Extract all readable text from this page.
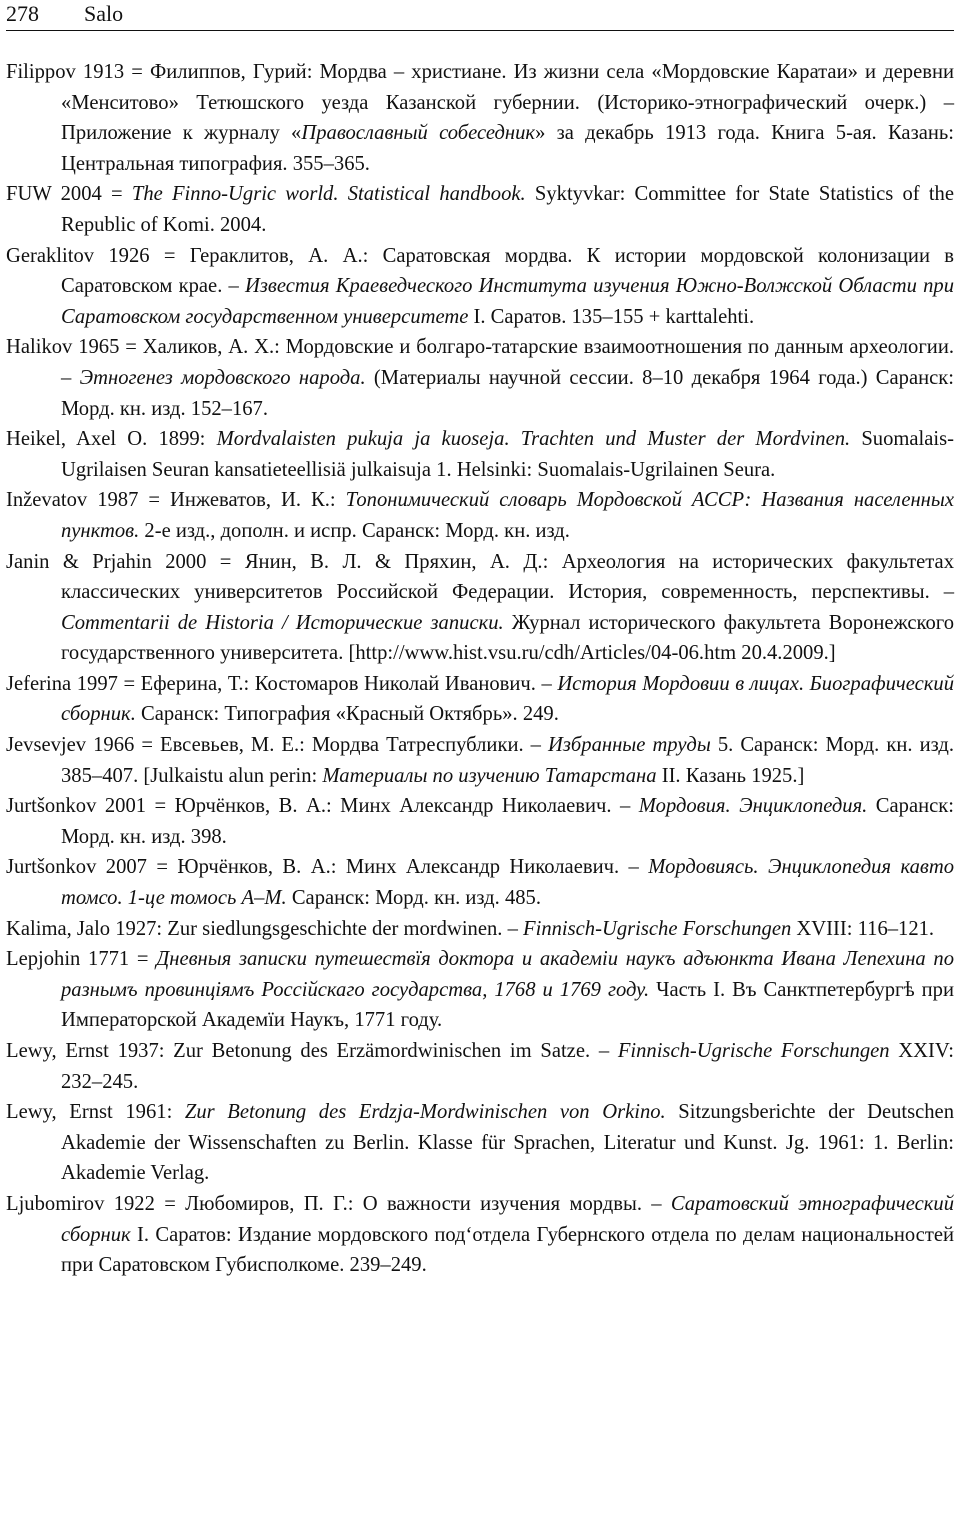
278 Salo
Filippov 1913 = Филиппов, Гурий: Мордва – христиане. Из жизни села «Мордовские Каратаи» и деревни «Менситово» Тетюшского уезда Казанской губернии. (Историко-этнографический очерк.) – Приложение к журналу «Православный собеседник» за декабрь 1913 года. Книга 5-ая. Казань: Центральная типография. 355–365.
FUW 2004 = The Finno-Ugric world. Statistical handbook. Syktyvkar: Committee for State Statistics of the Republic of Komi. 2004.
Geraklitov 1926 = Гераклитов, А. А.: Саратовская мордва. К истории мордовской колонизации в Саратовском крае. – Известия Краеведческого Института изучения Южно-Волжской Области при Саратовском государственном университете I. Саратов. 135–155 + karttalehti.
Halikov 1965 = Халиков, А. Х.: Мордовские и болгаро-татарские взаимоотношения по данным археологии. – Этногенез мордовского народа. (Материалы научной сессии. 8–10 декабря 1964 года.) Саранск: Морд. кн. изд. 152–167.
Heikel, Axel O. 1899: Mordvalaisten pukuja ja kuoseja. Trachten und Muster der Mordvinen. Suomalais-Ugrilaisen Seuran kansatieteellisiä julkaisuja 1. Helsinki: Suomalais-Ugrilainen Seura.
Inževatov 1987 = Инжеватов, И. К.: Топонимический словарь Мордовской АССР: Названия населенных пунктов. 2-е изд., дополн. и испр. Саранск: Морд. кн. изд.
Janin & Prjahin 2000 = Янин, В. Л. & Пряхин, А. Д.: Археология на исторических факультетах классических университетов Российской Федерации. История, современность, перспективы. – Commentarii de Historia / Исторические записки. Журнал исторического факультета Воронежского государственного университета. [http://www.hist.vsu.ru/cdh/Articles/04-06.htm 20.4.2009.]
Jeferina 1997 = Еферина, Т.: Костомаров Николай Иванович. – История Мордовии в лицах. Биографический сборник. Саранск: Типография «Красный Октябрь». 249.
Jevsevjev 1966 = Евсевьев, М. Е.: Мордва Татреспублики. – Избранные труды 5. Саранск: Морд. кн. изд. 385–407. [Julkaistu alun perin: Материалы по изучению Татарстана II. Казань 1925.]
Jurtšonkov 2001 = Юрчёнков, В. А.: Минх Александр Николаевич. – Мордовия. Энциклопедия. Саранск: Морд. кн. изд. 398.
Jurtšonkov 2007 = Юрчёнков, В. А.: Минх Александр Николаевич. – Мордовиясь. Энциклопедия кавто томсо. 1-це томось А–М. Саранск: Морд. кн. изд. 485.
Kalima, Jalo 1927: Zur siedlungsgeschichte der mordwinen. – Finnisch-Ugrische Forschungen XVIII: 116–121.
Lepjohin 1771 = Дневныя записки путешествïя доктора и академiи наукъ адъюнкта Ивана Лепехина по разнымъ провинцiямъ Россiйскаго государства, 1768 и 1769 году. Часть I. Въ Санктпетербургѣ при Императорской Академïи Наукъ, 1771 году.
Lewy, Ernst 1937: Zur Betonung des Erzämordwinischen im Satze. – Finnisch-Ugrische Forschungen XXIV: 232–245.
Lewy, Ernst 1961: Zur Betonung des Erdzja-Mordwinischen von Orkino. Sitzungsberichte der Deutschen Akademie der Wissenschaften zu Berlin. Klasse für Sprachen, Literatur und Kunst. Jg. 1961: 1. Berlin: Akademie Verlag.
Ljubomirov 1922 = Любомиров, П. Г.: О важности изучения мордвы. – Саратовский этнографический сборник I. Саратов: Издание мордовского подʻотдела Губернского отдела по делам национальностей при Саратовском Губисполкоме. 239–249.
